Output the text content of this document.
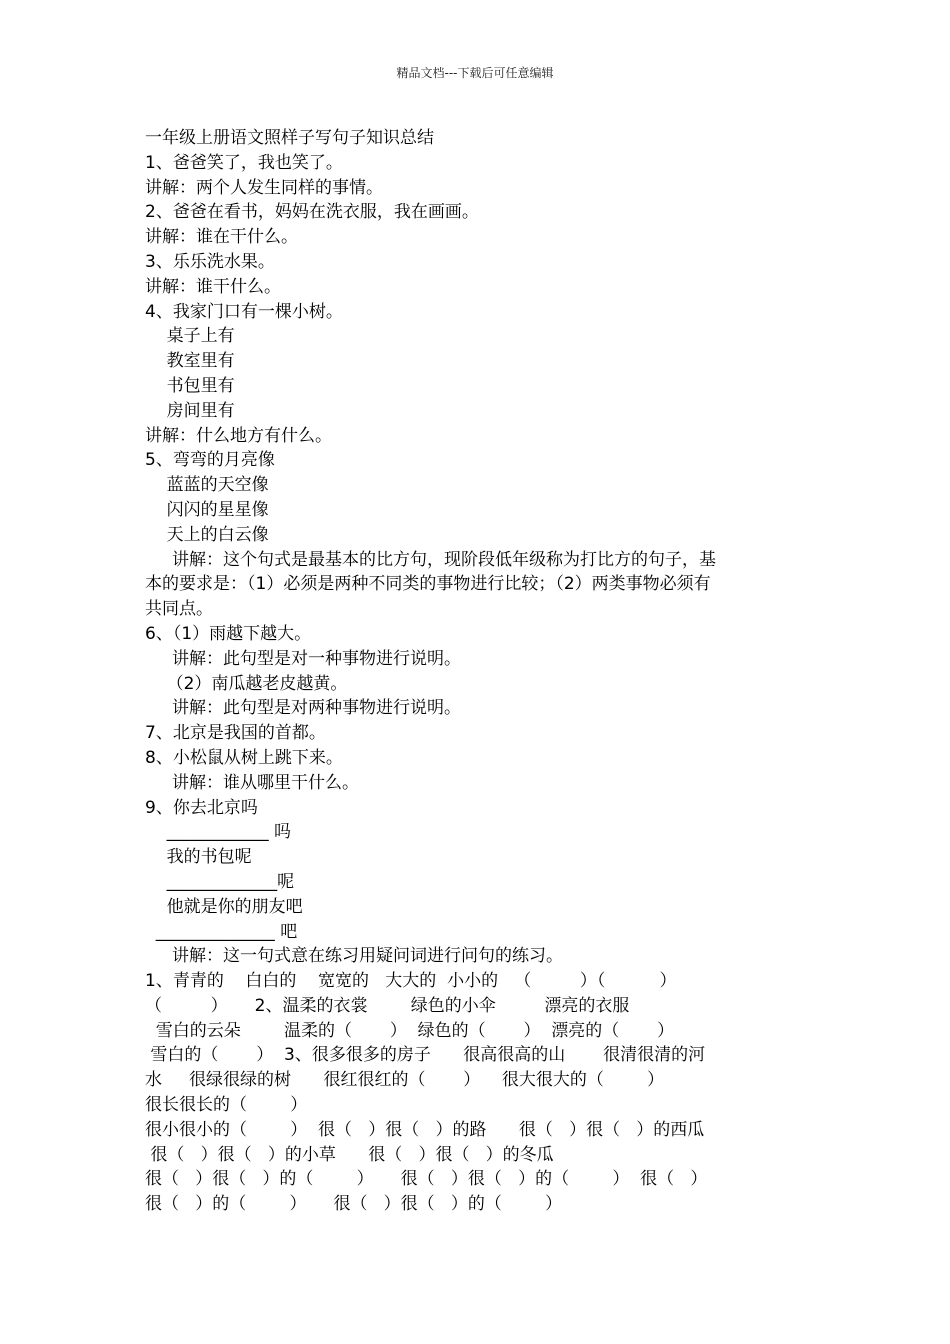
精品文档---下载后可任意编辑
一年级上册语文照样子写句子知识总结
1、爸爸笑了，我也笑了。
讲解：两个人发生同样的事情。
2、爸爸在看书，妈妈在洗衣服，我在画画。
讲解：谁在干什么。
3、乐乐洗水果。
讲解：谁干什么。
4、我家门口有一棵小树。
桌子上有
教室里有
书包里有
房间里有
讲解：什么地方有什么。
5、弯弯的月亮像
蓝蓝的天空像
闪闪的星星像
天上的白云像
讲解：这个句式是最基本的比方句，现阶段低年级称为打比方的句子，基
本的要求是：（1）必须是两种不同类的事物进行比较；（2）两类事物必须有
共同点。
6、（1）雨越下越大。
讲解：此句型是对一种事物进行说明。
（2）南瓜越老皮越黄。
讲解：此句型是对两种事物进行说明。
7、北京是我国的首都。
8、小松鼠从树上跳下来。
讲解：谁从哪里干什么。
9、你去北京吗
____________ 吗
我的书包呢
_____________呢
他就是你的朋友吧
______________ 吧
讲解：这一句式意在练习用疑问词进行问句的练习。
1、青青的    白白的    宽宽的   大大的  小小的   （         ）（          ）
（         ）     2、温柔的衣裳        绿色的小伞         漂亮的衣服
雪白的云朵        温柔的（       ）  绿色的（       ）  漂亮的（       ）
雪白的（       ）  3、很多很多的房子      很高很高的山       很清很清的河
水     很绿很绿的树      很红很红的（       ）    很大很大的（        ）
很长很长的（        ）
很小很小的（        ）  很（   ）很（   ）的路      很（   ）很（   ）的西瓜
很（   ）很（   ）的小草      很（   ）很（   ）的冬瓜
很（   ）很（   ）的（        ）     很（   ）很（   ）的（        ）  很（   ）
很（   ）的（        ）     很（   ）很（   ）的（        ）
